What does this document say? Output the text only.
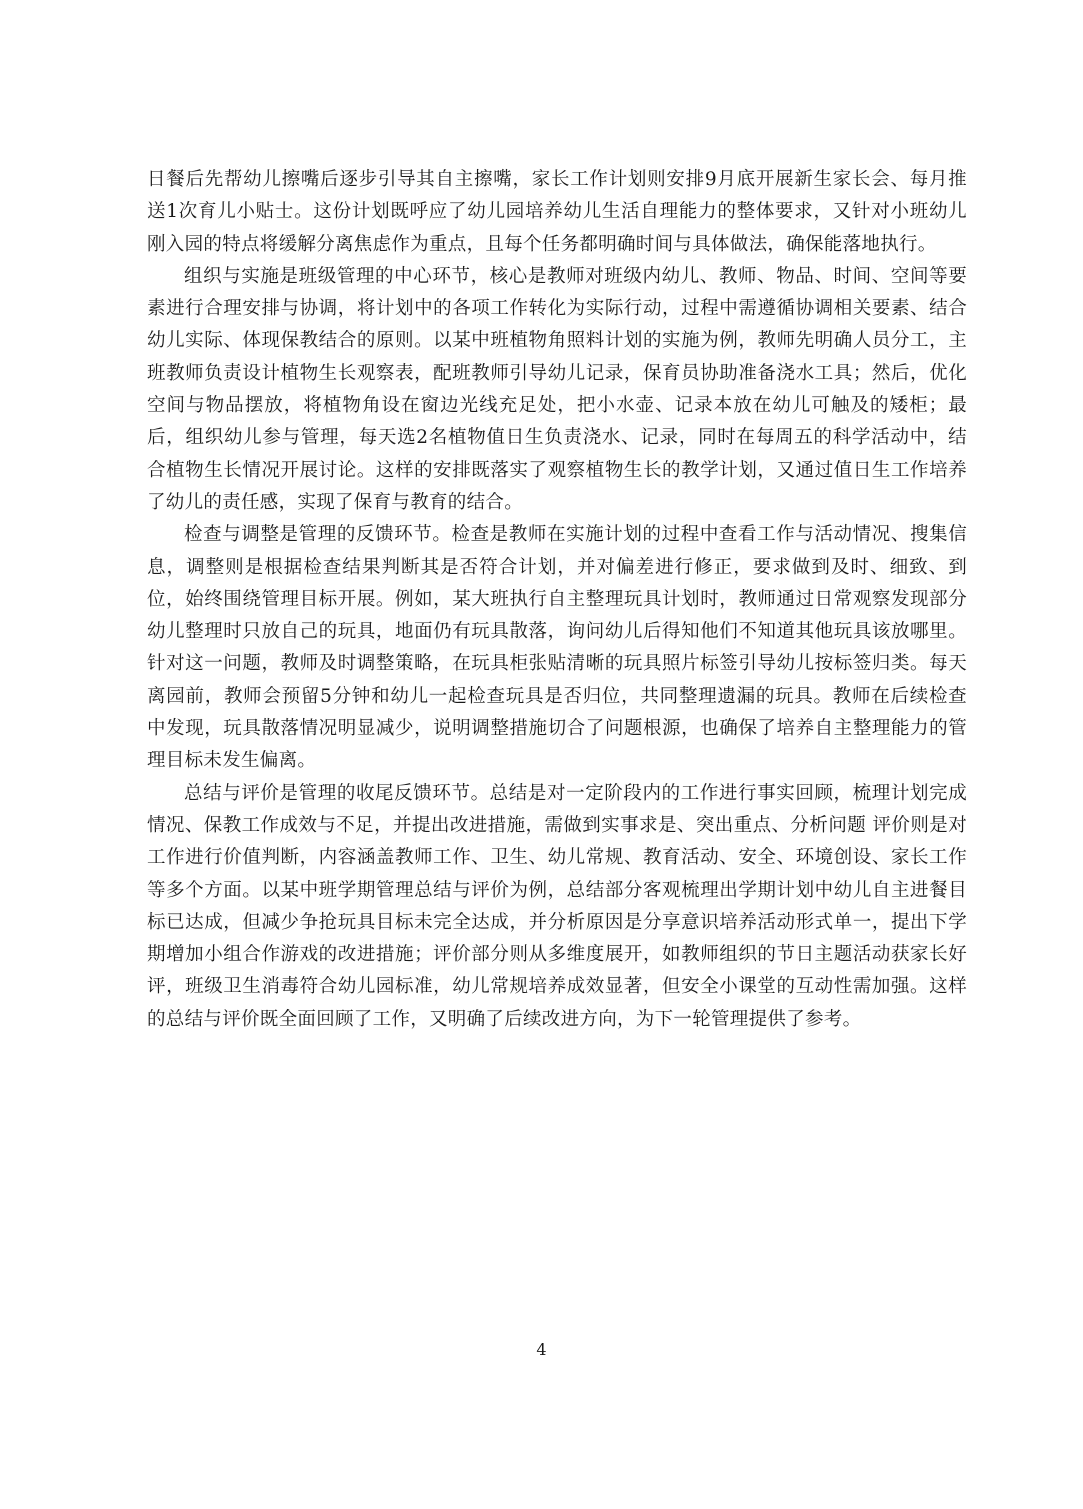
日餐后先帮幼儿擦嘴后逐步引导其自主擦嘴，家长工作计划则安排9月底开展新生家长会、每月推送1次育儿小贴士。这份计划既呼应了幼儿园培养幼儿生活自理能力的整体要求，又针对小班幼儿刚入园的特点将缓解分离焦虑作为重点，且每个任务都明确时间与具体做法，确保能落地执行。

组织与实施是班级管理的中心环节，核心是教师对班级内幼儿、教师、物品、时间、空间等要素进行合理安排与协调，将计划中的各项工作转化为实际行动，过程中需遵循协调相关要素、结合幼儿实际、体现保教结合的原则。以某中班植物角照料计划的实施为例，教师先明确人员分工，主班教师负责设计植物生长观察表，配班教师引导幼儿记录，保育员协助准备浇水工具；然后，优化空间与物品摆放，将植物角设在窗边光线充足处，把小水壶、记录本放在幼儿可触及的矮柜；最后，组织幼儿参与管理，每天选2名植物值日生负责浇水、记录，同时在每周五的科学活动中，结合植物生长情况开展讨论。这样的安排既落实了观察植物生长的教学计划，又通过值日生工作培养了幼儿的责任感，实现了保育与教育的结合。

检查与调整是管理的反馈环节。检查是教师在实施计划的过程中查看工作与活动情况、搜集信息，调整则是根据检查结果判断其是否符合计划，并对偏差进行修正，要求做到及时、细致、到位，始终围绕管理目标开展。例如，某大班执行自主整理玩具计划时，教师通过日常观察发现部分幼儿整理时只放自己的玩具，地面仍有玩具散落，询问幼儿后得知他们不知道其他玩具该放哪里。针对这一问题，教师及时调整策略，在玩具柜张贴清晰的玩具照片标签引导幼儿按标签归类。每天离园前，教师会预留5分钟和幼儿一起检查玩具是否归位，共同整理遗漏的玩具。教师在后续检查中发现，玩具散落情况明显减少，说明调整措施切合了问题根源，也确保了培养自主整理能力的管理目标未发生偏离。

总结与评价是管理的收尾反馈环节。总结是对一定阶段内的工作进行事实回顾，梳理计划完成情况、保教工作成效与不足，并提出改进措施，需做到实事求是、突出重点、分析问题 评价则是对工作进行价值判断，内容涵盖教师工作、卫生、幼儿常规、教育活动、安全、环境创设、家长工作等多个方面。以某中班学期管理总结与评价为例，总结部分客观梳理出学期计划中幼儿自主进餐目标已达成，但减少争抢玩具目标未完全达成，并分析原因是分享意识培养活动形式单一，提出下学期增加小组合作游戏的改进措施；评价部分则从多维度展开，如教师组织的节日主题活动获家长好评，班级卫生消毒符合幼儿园标准，幼儿常规培养成效显著，但安全小课堂的互动性需加强。这样的总结与评价既全面回顾了工作，又明确了后续改进方向，为下一轮管理提供了参考。

4
